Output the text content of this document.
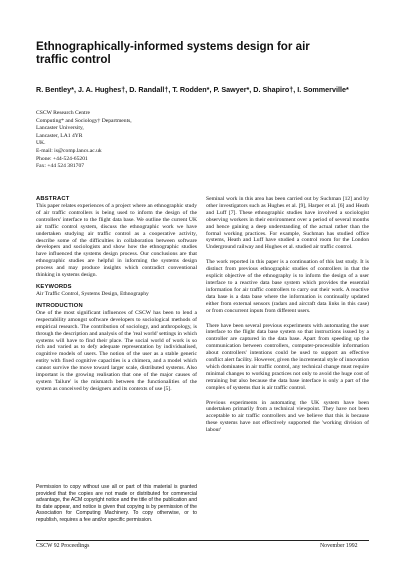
Ethnographically-informed systems design for air traffic control
R. Bentley*, J. A. Hughes†, D. Randall†, T. Rodden*, P. Sawyer*, D. Shapiro†, I. Sommerville*
CSCW Research Centre
Computing* and Sociology† Departments,
Lancaster University,
Lancaster, LA1 4YR
UK.
E-mail: is@comp.lancs.ac.uk
Phone: +44-524-65201
Fax: +44 524 381707
ABSTRACT

This paper relates experiences of a project where an ethnographic study of air traffic controllers is being used to inform the design of the controllers' interface to the flight data base. We outline the current UK air traffic control system, discuss the ethnographic work we have undertaken studying air traffic control as a cooperative activity, describe some of the difficulties in collaboration between software developers and sociologists and show how the ethnographic studies have influenced the systems design process. Our conclusions are that ethnographic studies are helpful in informing the systems design process and may produce insights which contradict conventional thinking in systems design.

KEYWORDS

Air Traffic Control, Systems Design, Ethnography

INTRODUCTION

One of the most significant influences of CSCW has been to lend a respectability amongst software developers to sociological methods of empirical research. The contribution of sociology, and anthropology, is through the description and analysis of the 'real world' settings in which systems will have to find their place. The social world of work is so rich and varied as to defy adequate representation by individualised, cognitive models of users. The notion of the user as a stable generic entity with fixed cognitive capacities is a chimera, and a model which cannot survive the move toward larger scale, distributed systems. Also important is the growing realisation that one of the major causes of system 'failure' is the mismatch between the functionalities of the system as conceived by designers and its contexts of use [5].

Permission to copy without use all or part of this material is granted provided that the copies are not made or distributed for commercial advantage, the ACM copyright notice and the title of the publication and its date appear, and notice is given that copying is by permission of the Association for Computing Machinery. To copy otherwise, or to republish, requires a fee and/or specific permission.

Seminal work in this area has been carried out by Suchman [12] and by other investigators such as Hughes et al. [9], Harper et al. [6] and Heath and Luff [7]. These ethnographic studies have involved a sociologist observing workers in their environment over a period of several months and hence gaining a deep understanding of the actual rather than the formal working practices. For example, Suchman has studied office systems, Heath and Luff have studied a control room for the London Underground railway and Hughes et al. studied air traffic control.

The work reported in this paper is a continuation of this last study. It is distinct from previous ethnographic studies of controllers in that the explicit objective of the ethnography is to inform the design of a user interface to a reactive data base system which provides the essential information for air traffic controllers to carry out their work. A reactive data base is a data base where the information is continually updated either from external sensors (radars and aircraft data links in this case) or from concurrent inputs from different users.

There have been several previous experiments with automating the user interface to the flight data base system so that instructions issued by a controller are captured in the data base. Apart from speeding up the communication between controllers, computer-processible information about controllers' intentions could be used to support an effective conflict alert facility. However, given the incremental style of innovation which dominates in air traffic control, any technical change must require minimal changes to working practices not only to avoid the huge cost of retraining but also because the data base interface is only a part of the complex of systems that is air traffic control.

Previous experiments in automating the UK system have been undertaken primarily from a technical viewpoint. They have not been acceptable to air traffic controllers and we believe that this is because these systems have not effectively supported the 'working division of labour'

CSCW 92 Proceedings	November 1992
